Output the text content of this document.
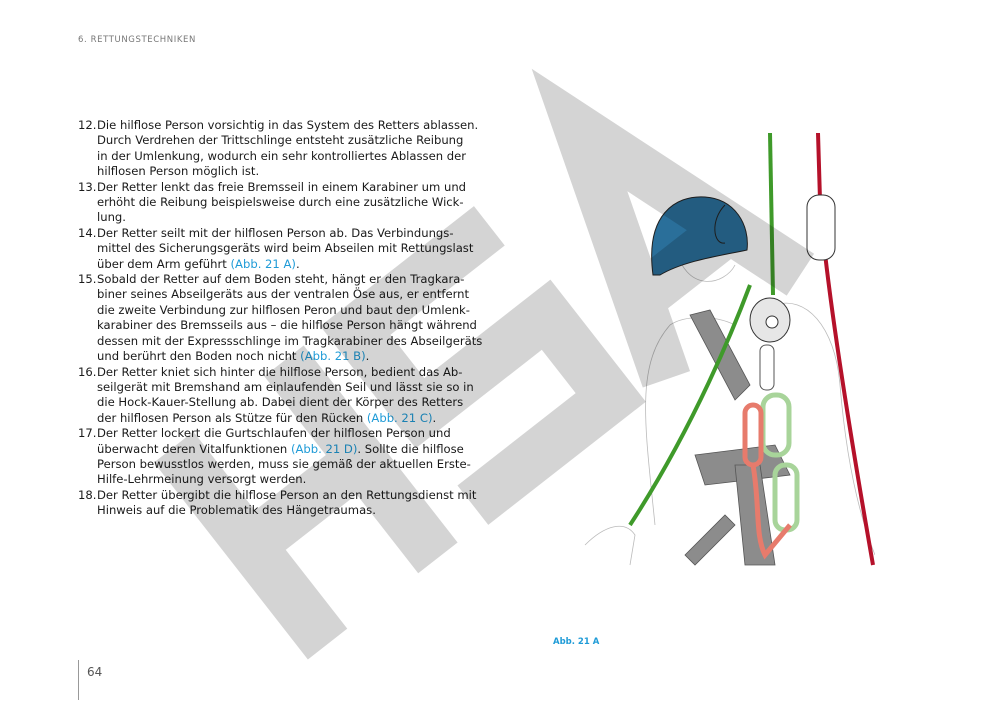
6. RETTUNGSTECHNIKEN
12. Die hilflose Person vorsichtig in das System des Retters ablassen.
Durch Verdrehen der Trittschlinge entsteht zusätzliche Reibung
in der Umlenkung, wodurch ein sehr kontrolliertes Ablassen der
hilflosen Person möglich ist.
13. Der Retter lenkt das freie Bremsseil in einem Karabiner um und
erhöht die Reibung beispielsweise durch eine zusätzliche Wick-
lung.
14. Der Retter seilt mit der hilflosen Person ab. Das Verbindungs-
mittel des Sicherungsgeräts wird beim Abseilen mit Rettungslast
über dem Arm geführt (Abb. 21 A).
15. Sobald der Retter auf dem Boden steht, hängt er den Tragkara-
biner seines Abseilgeräts aus der ventralen Öse aus, er entfernt
die zweite Verbindung zur hilflosen Peron und baut den Umlenk-
karabiner des Bremsseils aus – die hilflose Person hängt während
dessen mit der Expressschlinge im Tragkarabiner des Abseilgeräts
und berührt den Boden noch nicht (Abb. 21 B).
16. Der Retter kniet sich hinter die hilflose Person, bedient das Ab-
seilgerät mit Bremshand am einlaufenden Seil und lässt sie so in
die Hock-Kauer-Stellung ab. Dabei dient der Körper des Retters
der hilflosen Person als Stütze für den Rücken (Abb. 21 C).
17. Der Retter lockert die Gurtschlaufen der hilflosen Person und
überwacht deren Vitalfunktionen (Abb. 21 D). Sollte die hilflose
Person bewusstlos werden, muss sie gemäß der aktuellen Erste-
Hilfe-Lehrmeinung versorgt werden.
18. Der Retter übergibt die hilflose Person an den Rettungsdienst mit
Hinweis auf die Problematik des Hängetraumas.
Abb. 21 A
64
